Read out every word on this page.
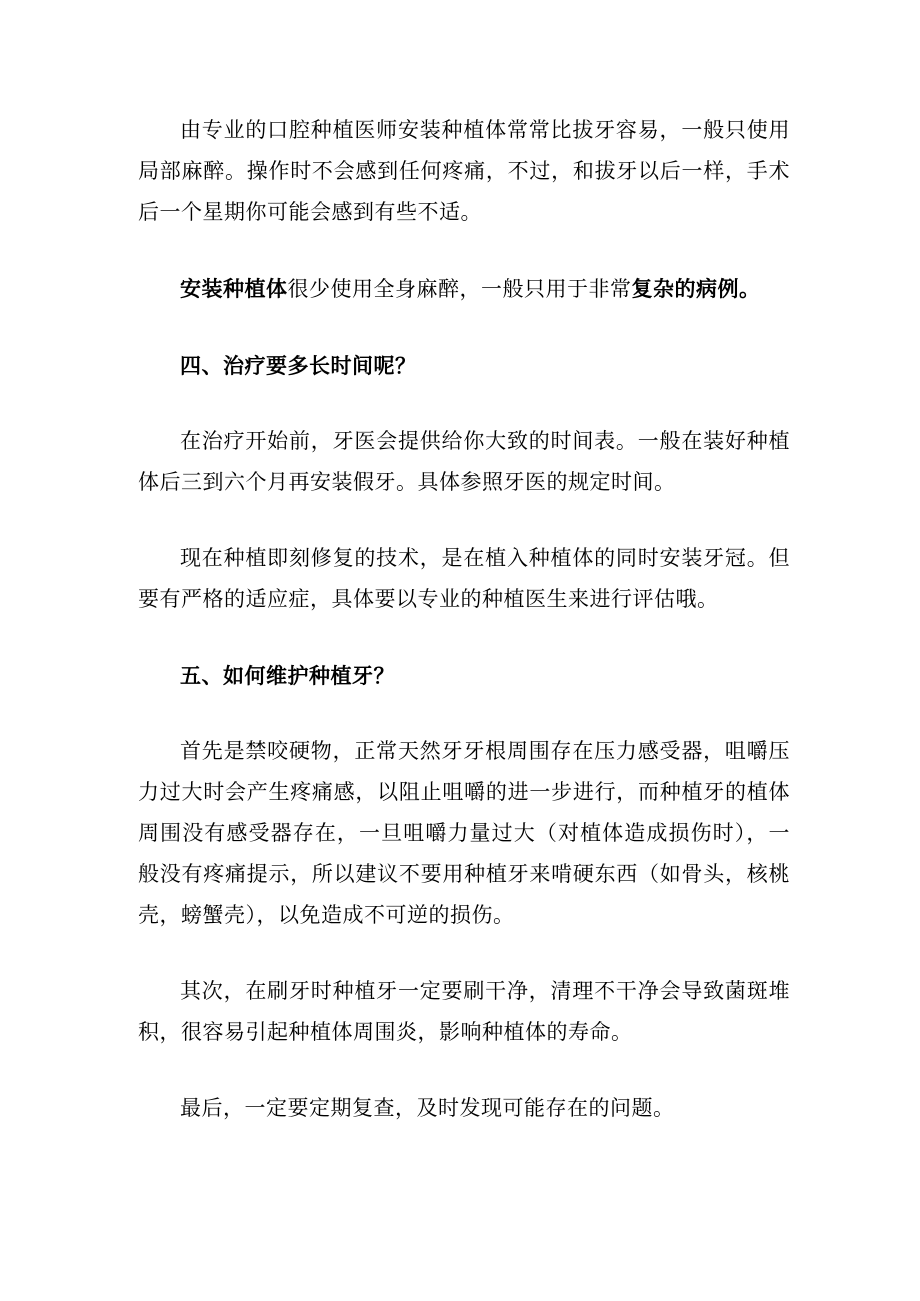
由专业的口腔种植医师安装种植体常常比拔牙容易，一般只使用局部麻醉。操作时不会感到任何疼痛，不过，和拔牙以后一样，手术后一个星期你可能会感到有些不适。

安装种植体很少使用全身麻醉，一般只用于非常复杂的病例。

四、治疗要多长时间呢？

在治疗开始前，牙医会提供给你大致的时间表。一般在装好种植体后三到六个月再安装假牙。具体参照牙医的规定时间。

现在种植即刻修复的技术，是在植入种植体的同时安装牙冠。但要有严格的适应症，具体要以专业的种植医生来进行评估哦。

五、如何维护种植牙？

首先是禁咬硬物，正常天然牙牙根周围存在压力感受器，咀嚼压力过大时会产生疼痛感，以阻止咀嚼的进一步进行，而种植牙的植体周围没有感受器存在，一旦咀嚼力量过大（对植体造成损伤时），一般没有疼痛提示，所以建议不要用种植牙来啃硬东西（如骨头，核桃壳，螃蟹壳），以免造成不可逆的损伤。

其次，在刷牙时种植牙一定要刷干净，清理不干净会导致菌斑堆积，很容易引起种植体周围炎，影响种植体的寿命。

最后，一定要定期复查，及时发现可能存在的问题。
